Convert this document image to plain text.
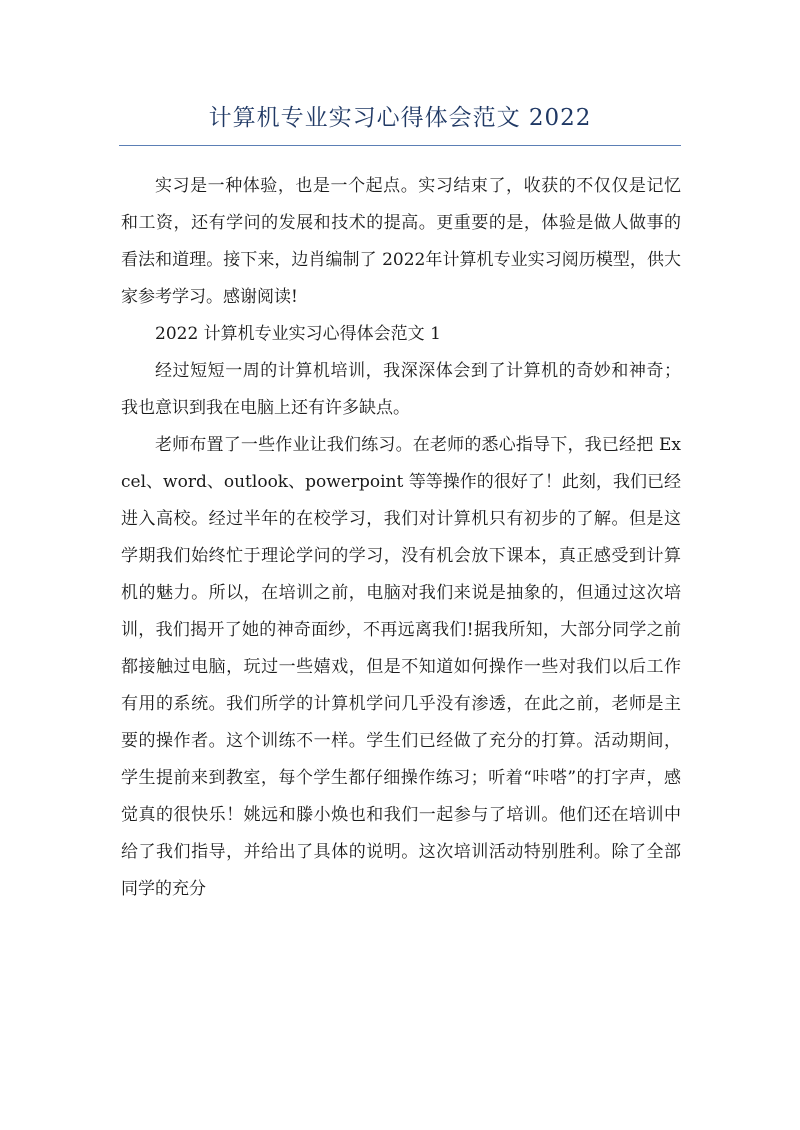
计算机专业实习心得体会范文 2022

实习是一种体验，也是一个起点。实习结束了，收获的不仅仅是记忆和工资，还有学问的发展和技术的提高。更重要的是，体验是做人做事的看法和道理。接下来，边肖编制了 2022年计算机专业实习阅历模型，供大家参考学习。感谢阅读!

2022 计算机专业实习心得体会范文 1

经过短短一周的计算机培训，我深深体会到了计算机的奇妙和神奇；我也意识到我在电脑上还有许多缺点。

老师布置了一些作业让我们练习。在老师的悉心指导下，我已经把 Excel、word、outlook、powerpoint 等等操作的很好了！此刻，我们已经进入高校。经过半年的在校学习，我们对计算机只有初步的了解。但是这学期我们始终忙于理论学问的学习，没有机会放下课本，真正感受到计算机的魅力。所以，在培训之前，电脑对我们来说是抽象的，但通过这次培训，我们揭开了她的神奇面纱，不再远离我们!据我所知，大部分同学之前都接触过电脑，玩过一些嬉戏，但是不知道如何操作一些对我们以后工作有用的系统。我们所学的计算机学问几乎没有渗透，在此之前，老师是主要的操作者。这个训练不一样。学生们已经做了充分的打算。活动期间，学生提前来到教室，每个学生都仔细操作练习；听着“咔嗒”的打字声，感觉真的很快乐！姚远和滕小焕也和我们一起参与了培训。他们还在培训中给了我们指导，并给出了具体的说明。这次培训活动特别胜利。除了全部同学的充分
